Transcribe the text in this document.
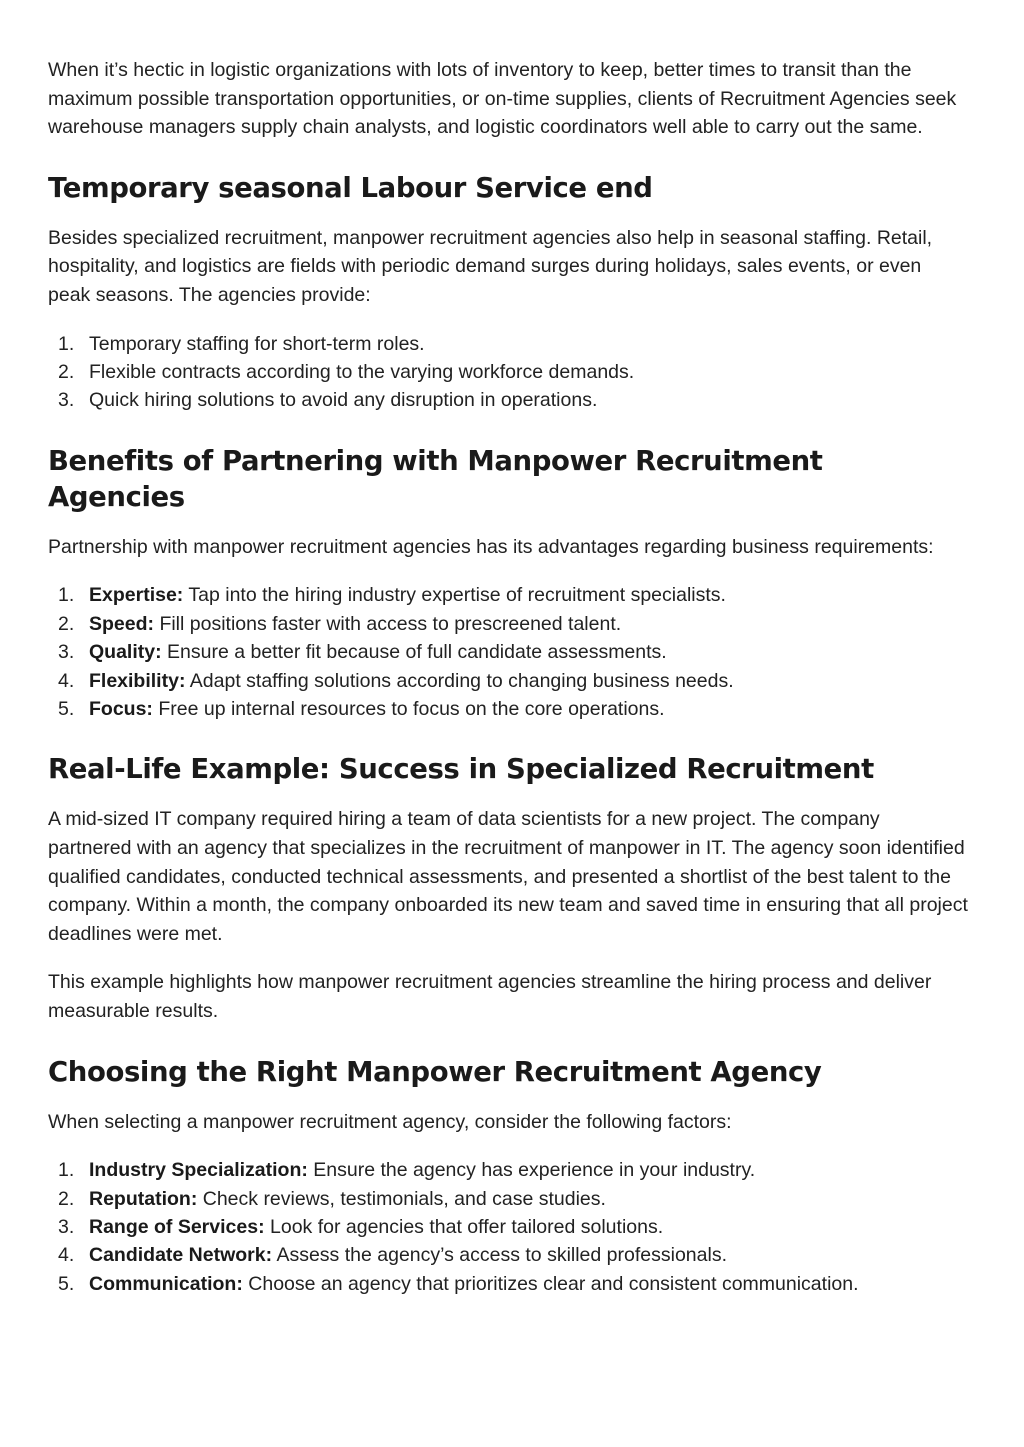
When it’s hectic in logistic organizations with lots of inventory to keep, better times to transit than the maximum possible transportation opportunities, or on-time supplies, clients of Recruitment Agencies seek warehouse managers supply chain analysts, and logistic coordinators well able to carry out the same.

Temporary seasonal Labour Service end

Besides specialized recruitment, manpower recruitment agencies also help in seasonal staffing. Retail, hospitality, and logistics are fields with periodic demand surges during holidays, sales events, or even peak seasons. The agencies provide:

1. Temporary staffing for short-term roles.
2. Flexible contracts according to the varying workforce demands.
3. Quick hiring solutions to avoid any disruption in operations.
Benefits of Partnering with Manpower Recruitment Agencies

Partnership with manpower recruitment agencies has its advantages regarding business requirements:

1. Expertise: Tap into the hiring industry expertise of recruitment specialists.
2. Speed: Fill positions faster with access to prescreened talent.
3. Quality: Ensure a better fit because of full candidate assessments.
4. Flexibility: Adapt staffing solutions according to changing business needs.
5. Focus: Free up internal resources to focus on the core operations.
Real-Life Example: Success in Specialized Recruitment

A mid-sized IT company required hiring a team of data scientists for a new project. The company partnered with an agency that specializes in the recruitment of manpower in IT. The agency soon identified qualified candidates, conducted technical assessments, and presented a shortlist of the best talent to the company. Within a month, the company onboarded its new team and saved time in ensuring that all project deadlines were met.

This example highlights how manpower recruitment agencies streamline the hiring process and deliver measurable results.

Choosing the Right Manpower Recruitment Agency

When selecting a manpower recruitment agency, consider the following factors:

1. Industry Specialization: Ensure the agency has experience in your industry.
2. Reputation: Check reviews, testimonials, and case studies.
3. Range of Services: Look for agencies that offer tailored solutions.
4. Candidate Network: Assess the agency’s access to skilled professionals.
5. Communication: Choose an agency that prioritizes clear and consistent communication.
